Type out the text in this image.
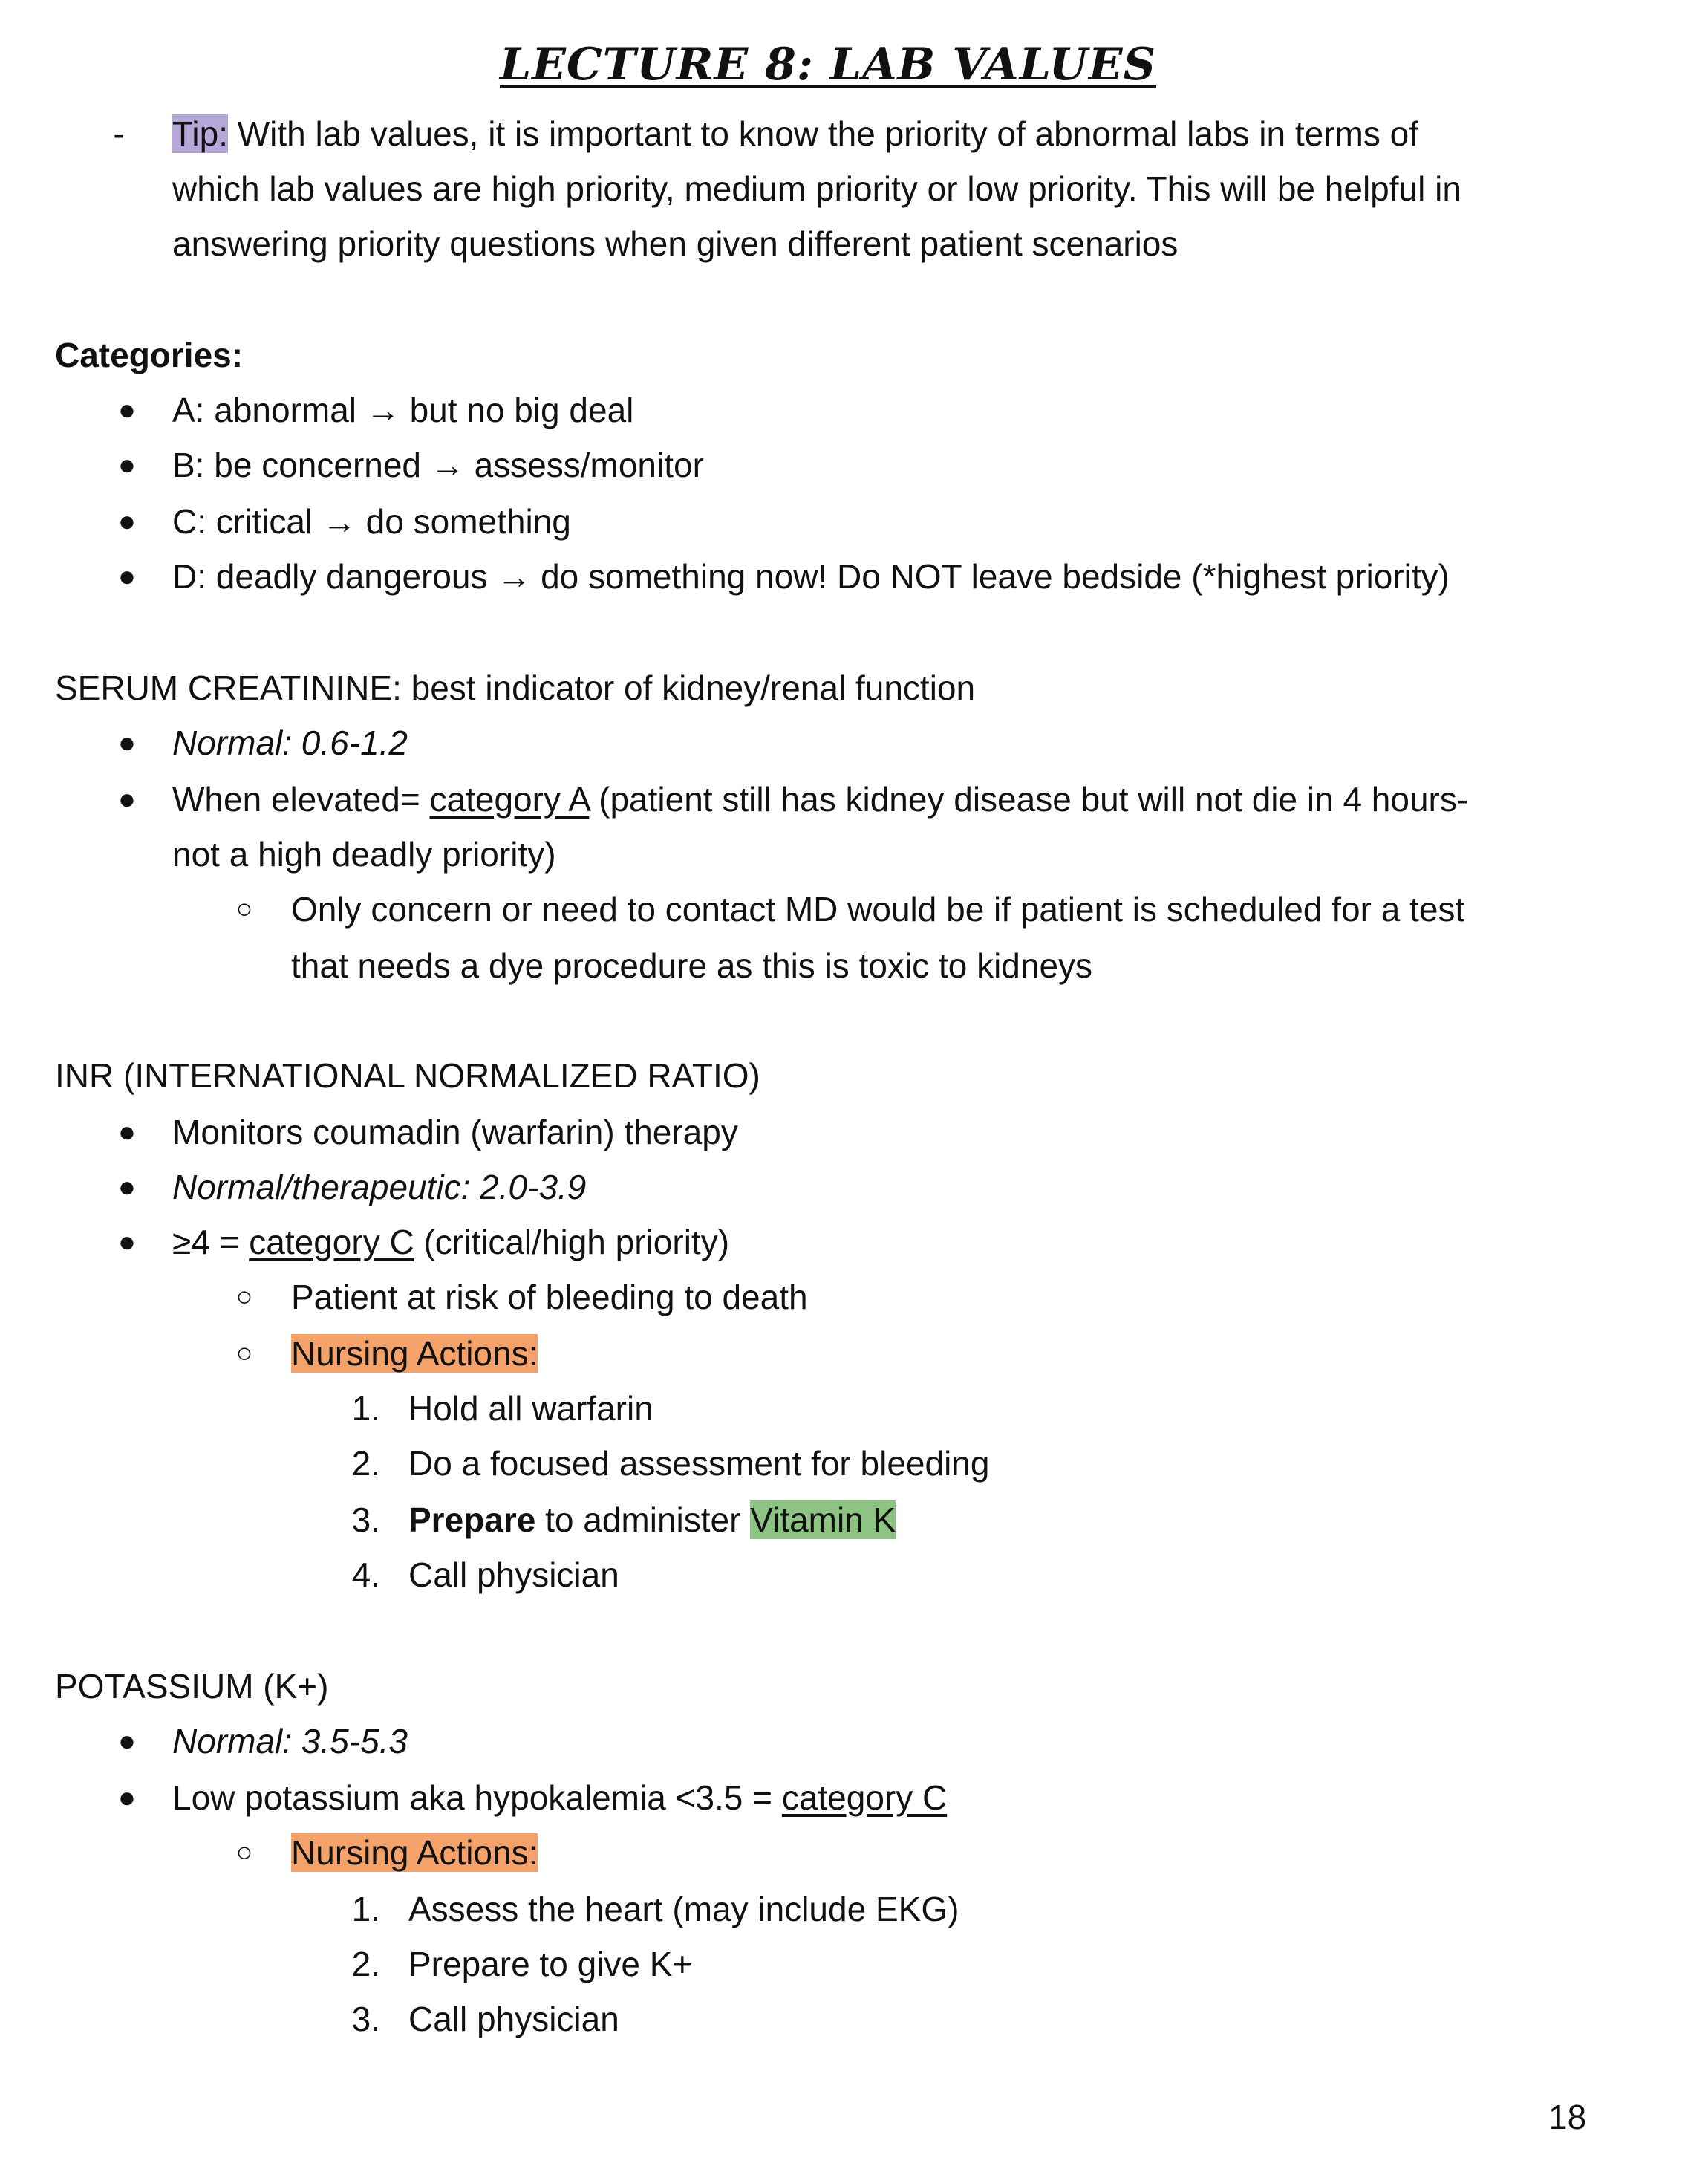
LECTURE 8: LAB VALUES
- Tip: With lab values, it is important to know the priority of abnormal labs in terms of
which lab values are high priority, medium priority or low priority. This will be helpful in
answering priority questions when given different patient scenarios
Categories:
● A: abnormal → but no big deal
● B: be concerned → assess/monitor
● C: critical → do something
● D: deadly dangerous → do something now! Do NOT leave bedside (*highest priority)
SERUM CREATININE: best indicator of kidney/renal function
● Normal: 0.6-1.2
● When elevated= category A (patient still has kidney disease but will not die in 4 hours-
not a high deadly priority)
○ Only concern or need to contact MD would be if patient is scheduled for a test
that needs a dye procedure as this is toxic to kidneys
INR (INTERNATIONAL NORMALIZED RATIO)
● Monitors coumadin (warfarin) therapy
● Normal/therapeutic: 2.0-3.9
● ≥4 = category C (critical/high priority)
○ Patient at risk of bleeding to death
○ Nursing Actions:
1. Hold all warfarin
2. Do a focused assessment for bleeding
3. Prepare to administer Vitamin K
4. Call physician
POTASSIUM (K+)
● Normal: 3.5-5.3
● Low potassium aka hypokalemia <3.5 = category C
○ Nursing Actions:
1. Assess the heart (may include EKG)
2. Prepare to give K+
3. Call physician
18
